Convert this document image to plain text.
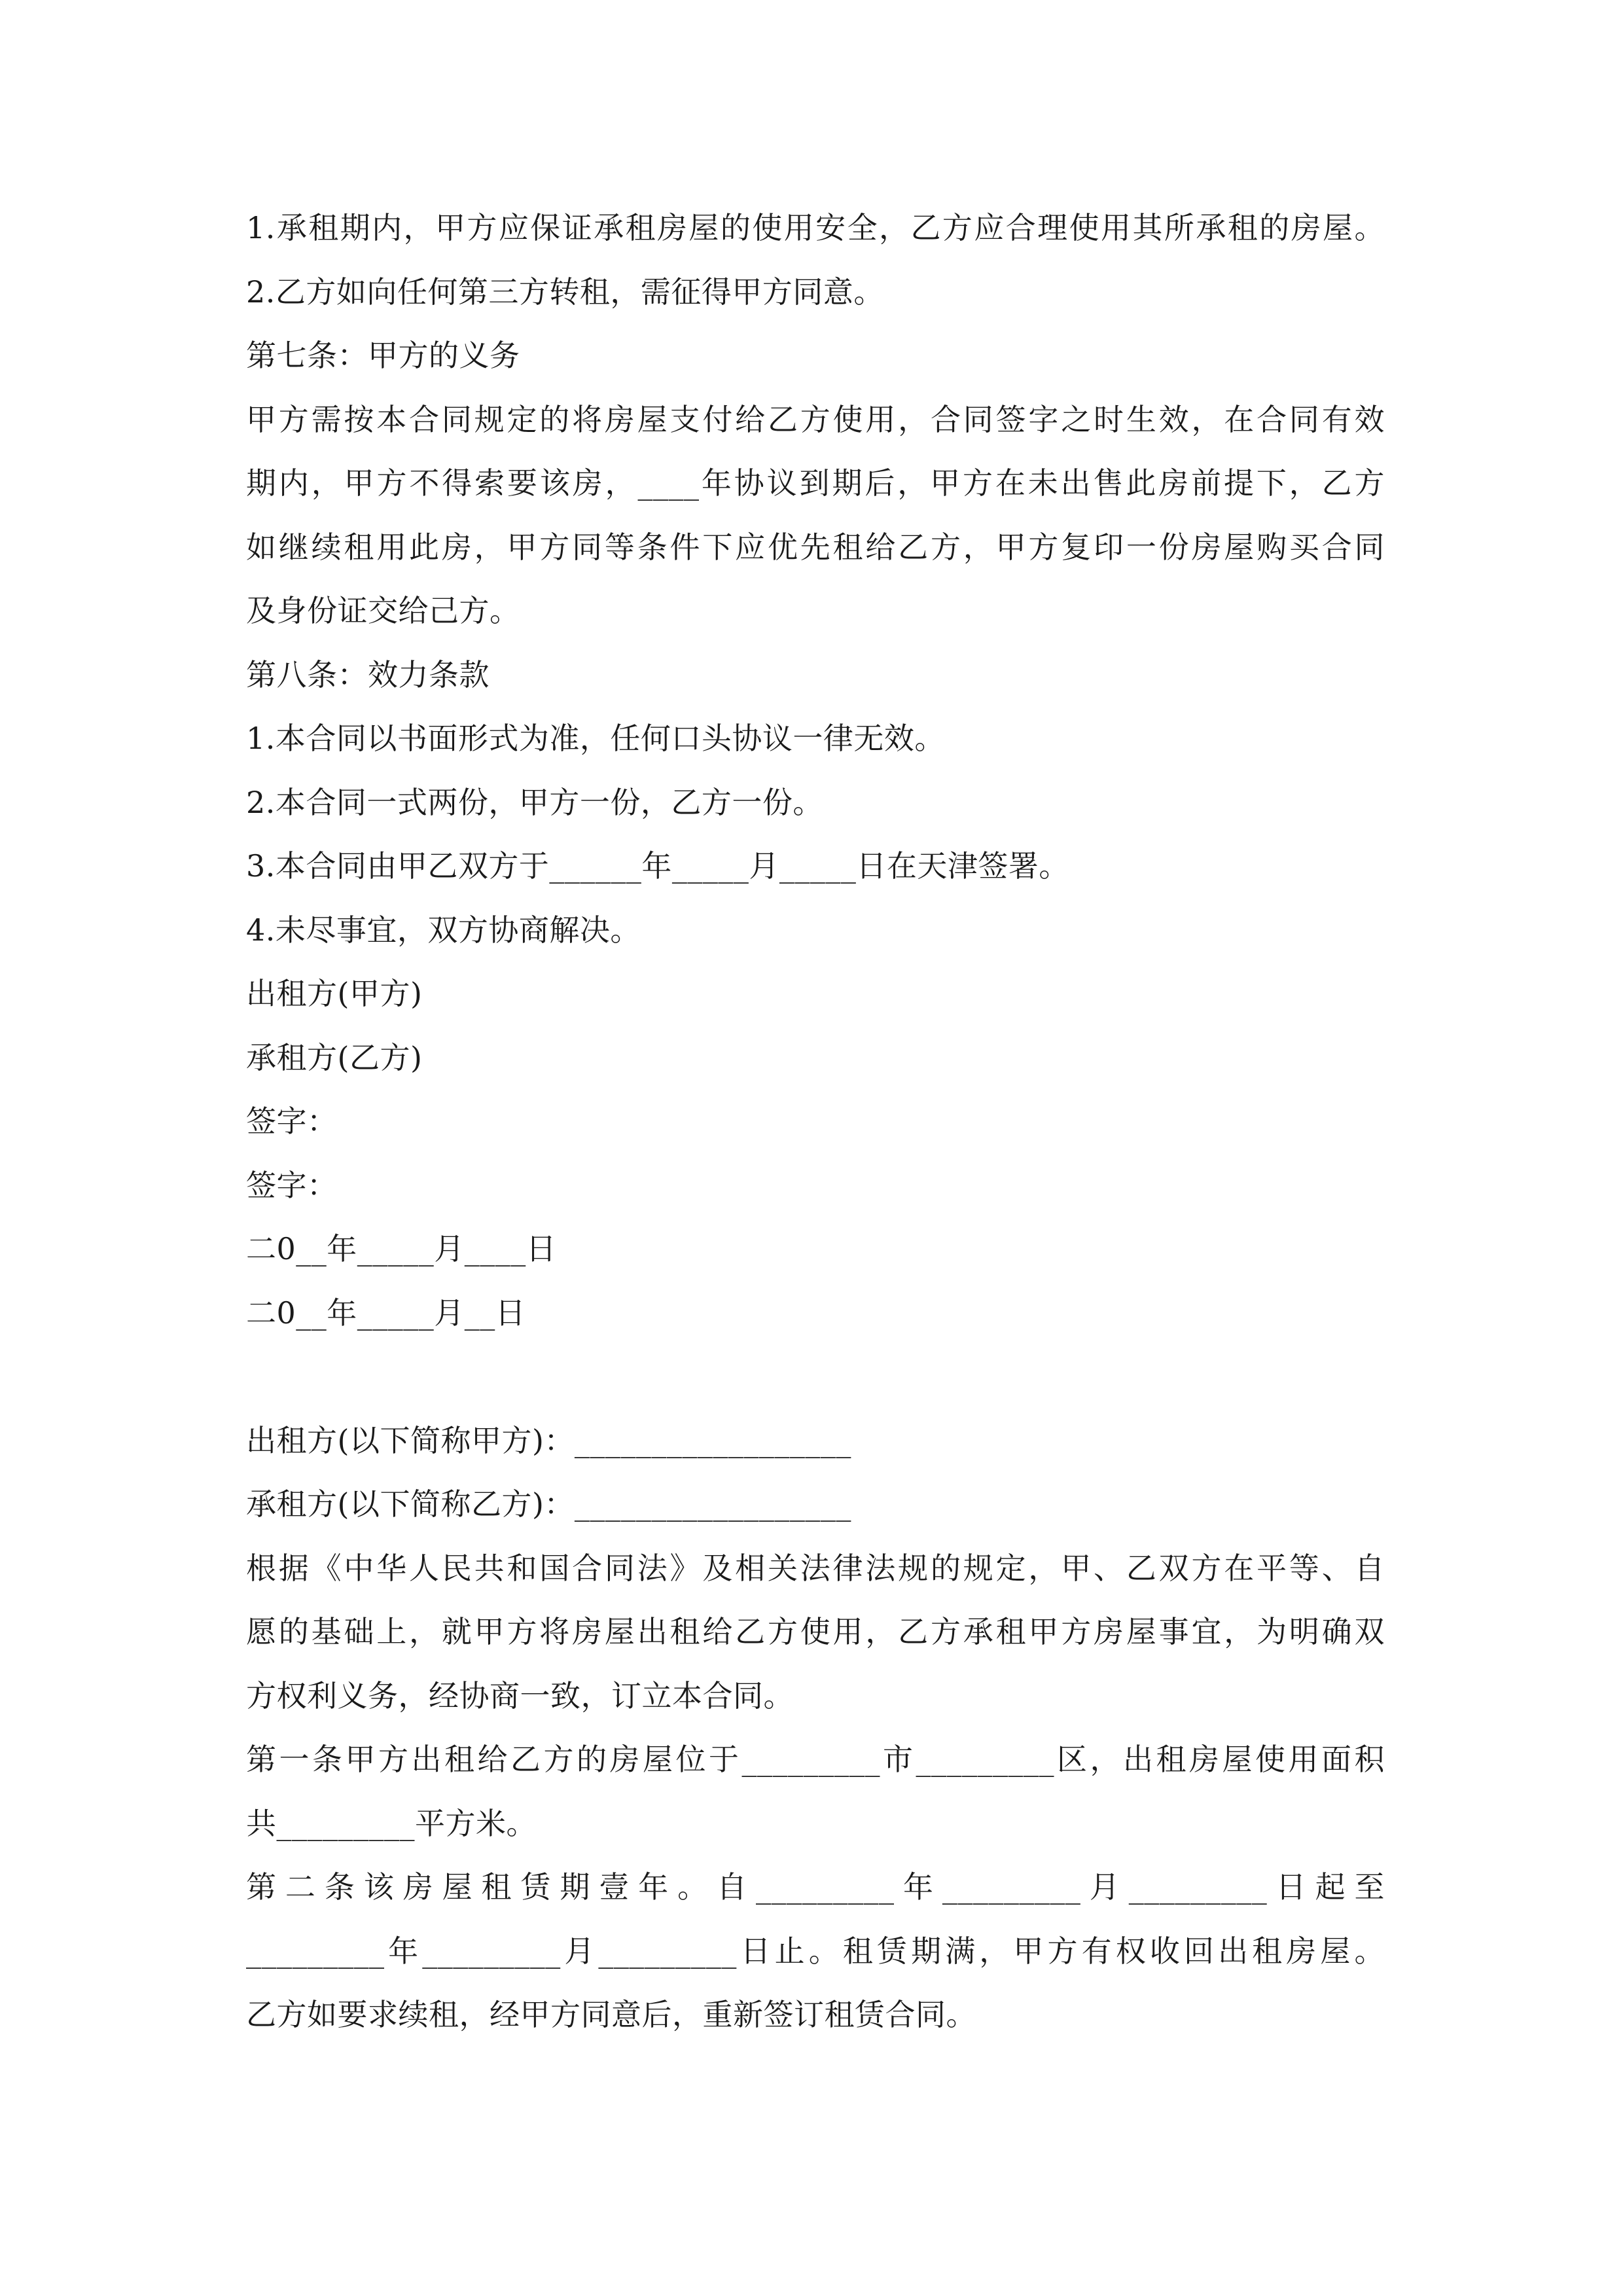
1.承租期内，甲方应保证承租房屋的使用安全，乙方应合理使用其所承租的房屋。
2.乙方如向任何第三方转租，需征得甲方同意。
第七条：甲方的义务
甲方需按本合同规定的将房屋支付给乙方使用，合同签字之时生效，在合同有效
期内，甲方不得索要该房，____年协议到期后，甲方在未出售此房前提下，乙方
如继续租用此房，甲方同等条件下应优先租给乙方，甲方复印一份房屋购买合同
及身份证交给己方。
第八条：效力条款
1.本合同以书面形式为准，任何口头协议一律无效。
2.本合同一式两份，甲方一份，乙方一份。
3.本合同由甲乙双方于______年_____月_____日在天津签署。
4.未尽事宜，双方协商解决。
出租方(甲方)
承租方(乙方)
签字：
签字：
二0__年_____月____日
二0__年_____月__日
出租方(以下简称甲方)：__________________
承租方(以下简称乙方)：__________________
根据《中华人民共和国合同法》及相关法律法规的规定，甲、乙双方在平等、自
愿的基础上，就甲方将房屋出租给乙方使用，乙方承租甲方房屋事宜，为明确双
方权利义务，经协商一致，订立本合同。
第一条甲方出租给乙方的房屋位于_________市_________区，出租房屋使用面积
共_________平方米。
第二条该房屋租赁期壹年。自_________年_________月_________日起至
_________年_________月_________日止。租赁期满，甲方有权收回出租房屋。
乙方如要求续租，经甲方同意后，重新签订租赁合同。
